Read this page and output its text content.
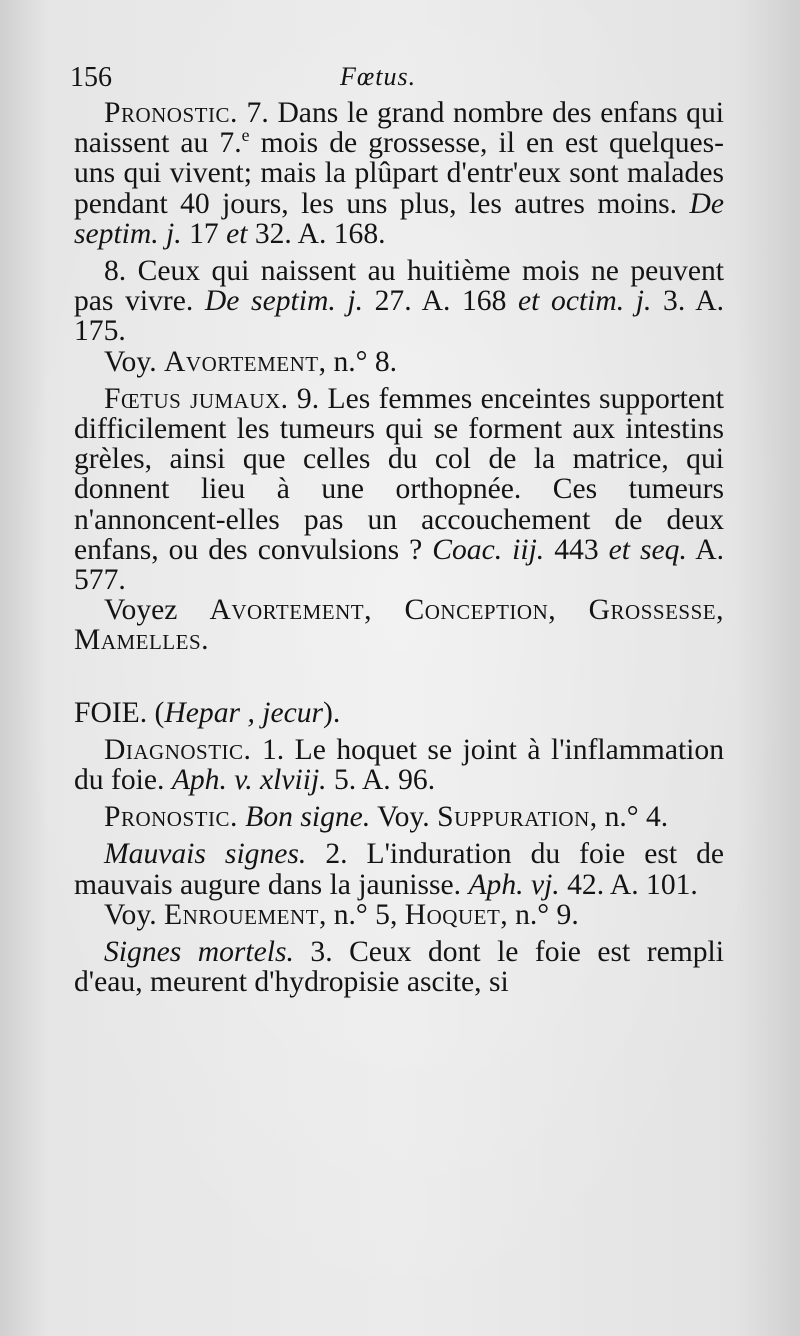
156	Fœtus.

Pronostic. 7. Dans le grand nombre des enfans qui naissent au 7.$^e$ mois de grossesse, il en est quelques-uns qui vivent; mais la plûpart d'entr'eux sont malades pendant 40 jours, les uns plus, les autres moins. De septim. j. 17 et 32. A. 168.

8. Ceux qui naissent au huitième mois ne peuvent pas vivre. De septim. j. 27. A. 168 et octim. j. 3. A. 175.

Voy. Avortement, n.° 8.

Fœtus jumaux. 9. Les femmes enceintes supportent difficilement les tumeurs qui se forment aux intestins grèles, ainsi que celles du col de la matrice, qui donnent lieu à une orthopnée. Ces tumeurs n'annoncent-elles pas un accouchement de deux enfans, ou des convulsions ? Coac. iij. 443 et seq. A. 577.

Voyez Avortement, Conception, Grossesse, Mamelles.

FOIE. (Hepar , jecur).

Diagnostic. 1. Le hoquet se joint à l'inflammation du foie. Aph. v. xlviij. 5. A. 96.

Pronostic. Bon signe. Voy. Suppuration, n.° 4.

Mauvais signes. 2. L'induration du foie est de mauvais augure dans la jaunisse. Aph. vj. 42. A. 101.

Voy. Enrouement, n.° 5, Hoquet, n.° 9.

Signes mortels. 3. Ceux dont le foie est rempli d'eau, meurent d'hydropisie ascite, si
